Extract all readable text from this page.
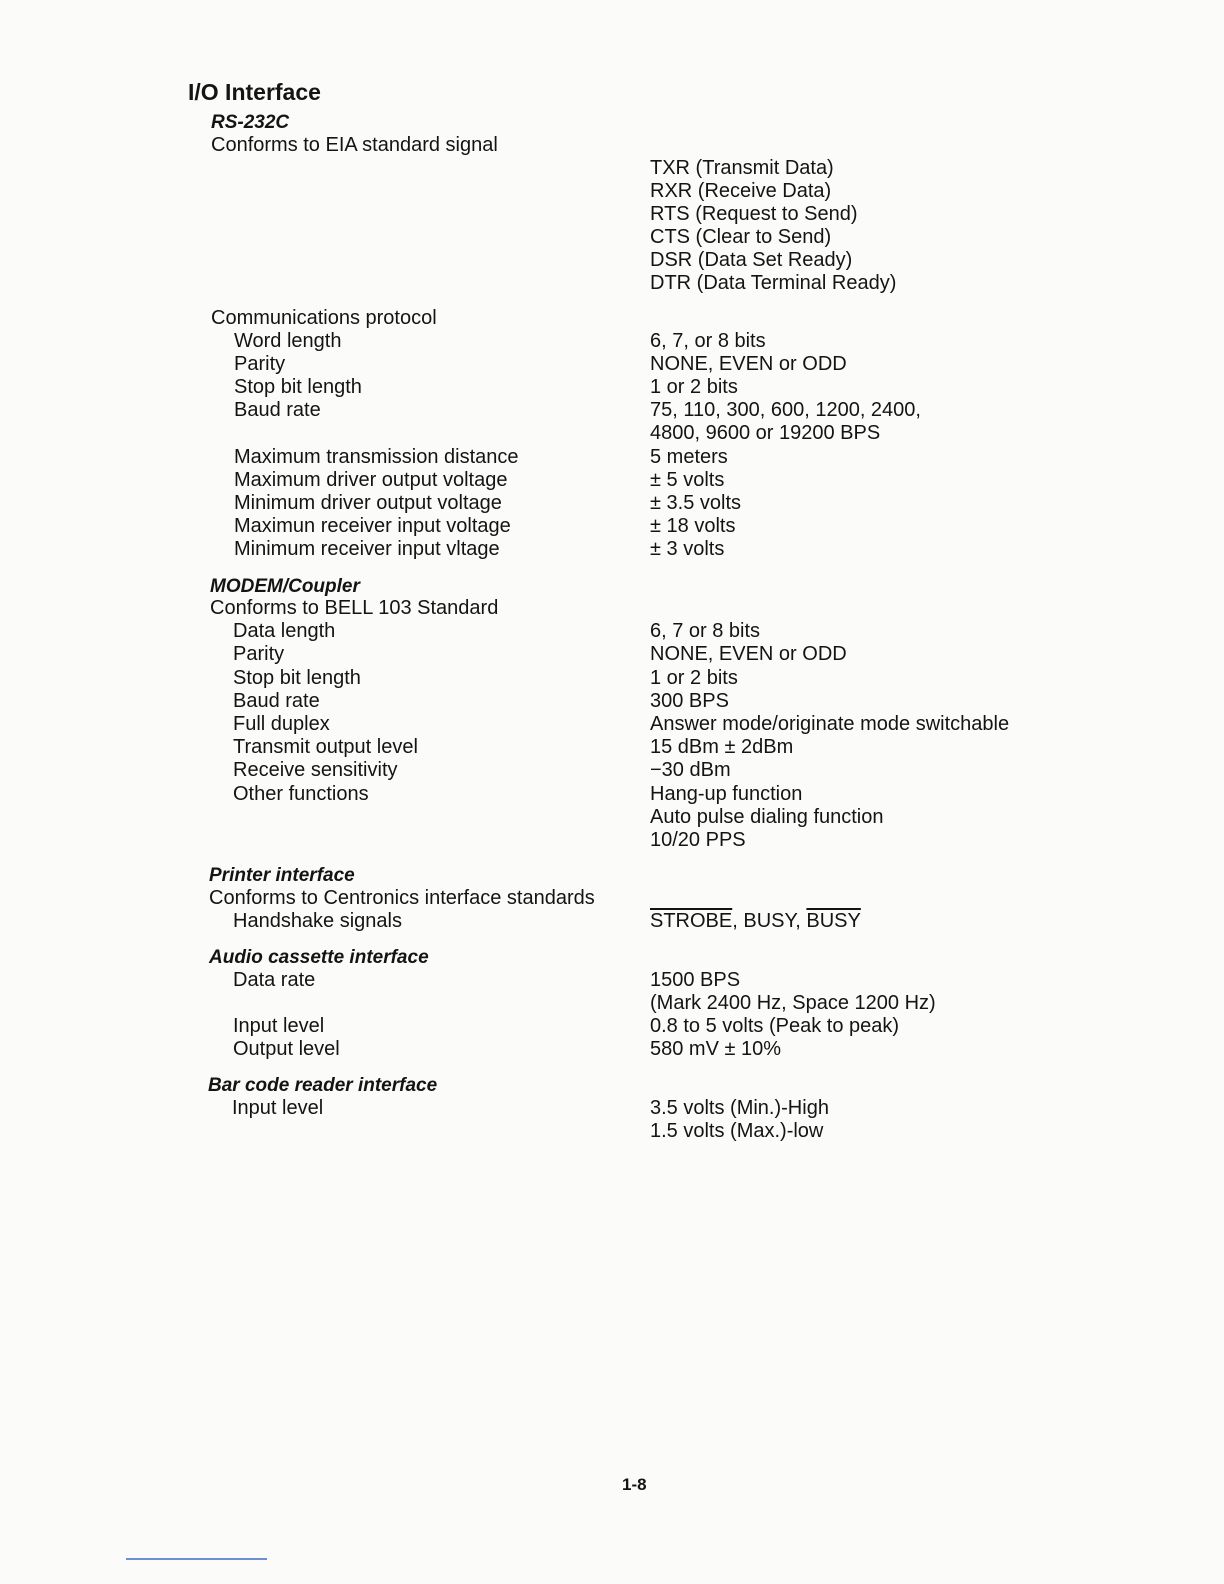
I/O Interface
RS-232C
Conforms to EIA standard signal
TXR (Transmit Data)
RXR (Receive Data)
RTS (Request to Send)
CTS (Clear to Send)
DSR (Data Set Ready)
DTR (Data Terminal Ready)
Communications protocol
Word length	6, 7, or 8 bits
Parity	NONE, EVEN or ODD
Stop bit length	1 or 2 bits
Baud rate	75, 110, 300, 600, 1200, 2400,
4800, 9600 or 19200 BPS
Maximum transmission distance	5 meters
Maximum driver output voltage	± 5 volts
Minimum driver output voltage	± 3.5 volts
Maximun receiver input voltage	± 18 volts
Minimum receiver input vltage	± 3 volts
MODEM/Coupler
Conforms to BELL 103 Standard
Data length	6, 7 or 8 bits
Parity	NONE, EVEN or ODD
Stop bit length	1 or 2 bits
Baud rate	300 BPS
Full duplex	Answer mode/originate mode switchable
Transmit output level	15 dBm ± 2dBm
Receive sensitivity	−30 dBm
Other functions	Hang-up function
Auto pulse dialing function
10/20 PPS
Printer interface
Conforms to Centronics interface standards
Handshake signals	STROBE, BUSY, BUSY
Audio cassette interface
Data rate	1500 BPS
(Mark 2400 Hz, Space 1200 Hz)
Input level	0.8 to 5 volts (Peak to peak)
Output level	580 mV ± 10%
Bar code reader interface
Input level	3.5 volts (Min.)-High
1.5 volts (Max.)-low
1-8
